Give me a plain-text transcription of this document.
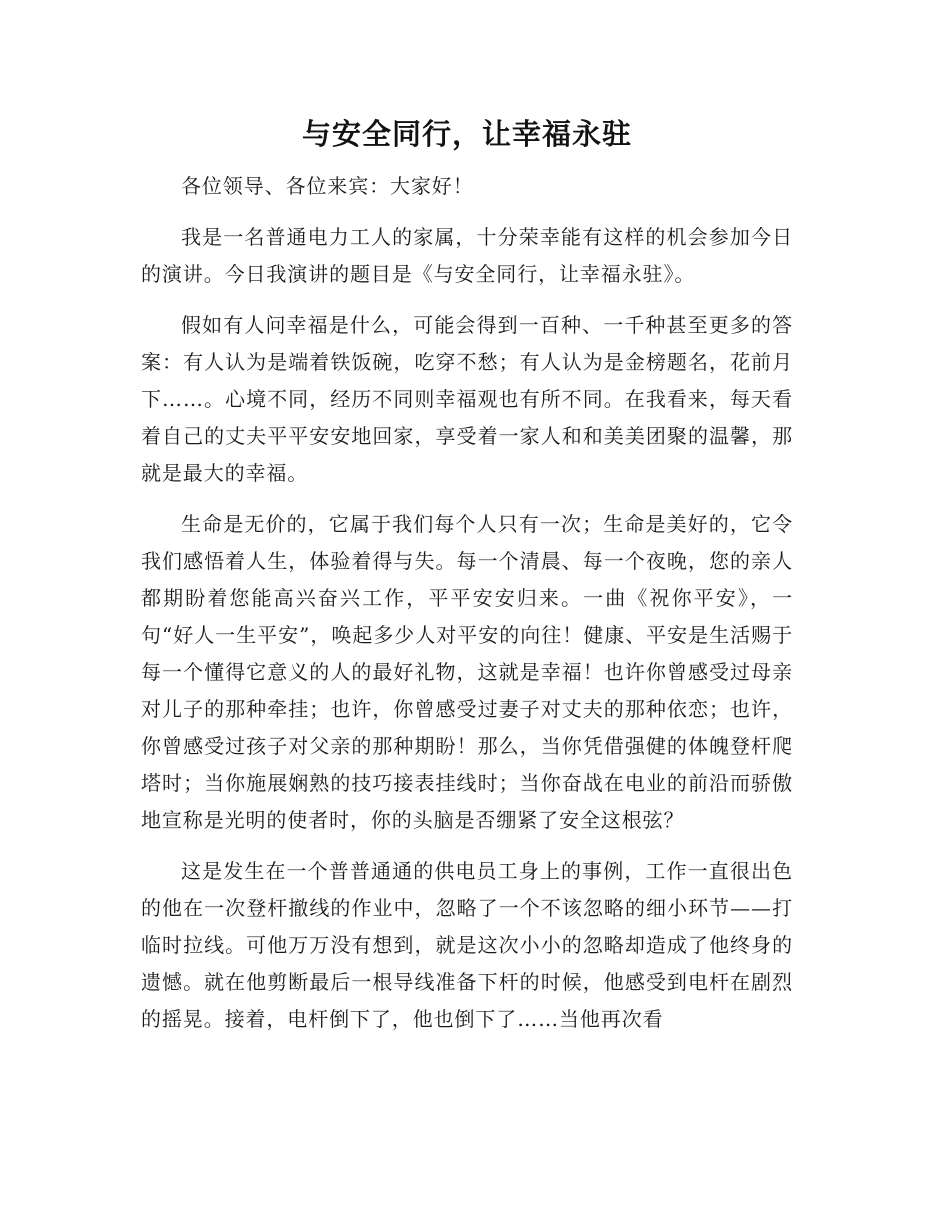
与安全同行，让幸福永驻

各位领导、各位来宾：大家好！

我是一名普通电力工人的家属，十分荣幸能有这样的机会参加今日的演讲。今日我演讲的题目是《与安全同行，让幸福永驻》。

假如有人问幸福是什么，可能会得到一百种、一千种甚至更多的答案：有人认为是端着铁饭碗，吃穿不愁；有人认为是金榜题名，花前月下……。心境不同，经历不同则幸福观也有所不同。在我看来，每天看着自己的丈夫平平安安地回家，享受着一家人和和美美团聚的温馨，那就是最大的幸福。

生命是无价的，它属于我们每个人只有一次；生命是美好的，它令我们感悟着人生，体验着得与失。每一个清晨、每一个夜晚，您的亲人都期盼着您能高兴奋兴工作，平平安安归来。一曲《祝你平安》，一句“好人一生平安”，唤起多少人对平安的向往！健康、平安是生活赐于每一个懂得它意义的人的最好礼物，这就是幸福！也许你曾感受过母亲对儿子的那种牵挂；也许，你曾感受过妻子对丈夫的那种依恋；也许，你曾感受过孩子对父亲的那种期盼！那么，当你凭借强健的体魄登杆爬塔时；当你施展娴熟的技巧接表挂线时；当你奋战在电业的前沿而骄傲地宣称是光明的使者时，你的头脑是否绷紧了安全这根弦？

这是发生在一个普普通通的供电员工身上的事例，工作一直很出色的他在一次登杆撤线的作业中，忽略了一个不该忽略的细小环节——打临时拉线。可他万万没有想到，就是这次小小的忽略却造成了他终身的遗憾。就在他剪断最后一根导线准备下杆的时候，他感受到电杆在剧烈的摇晃。接着，电杆倒下了，他也倒下了……当他再次看
